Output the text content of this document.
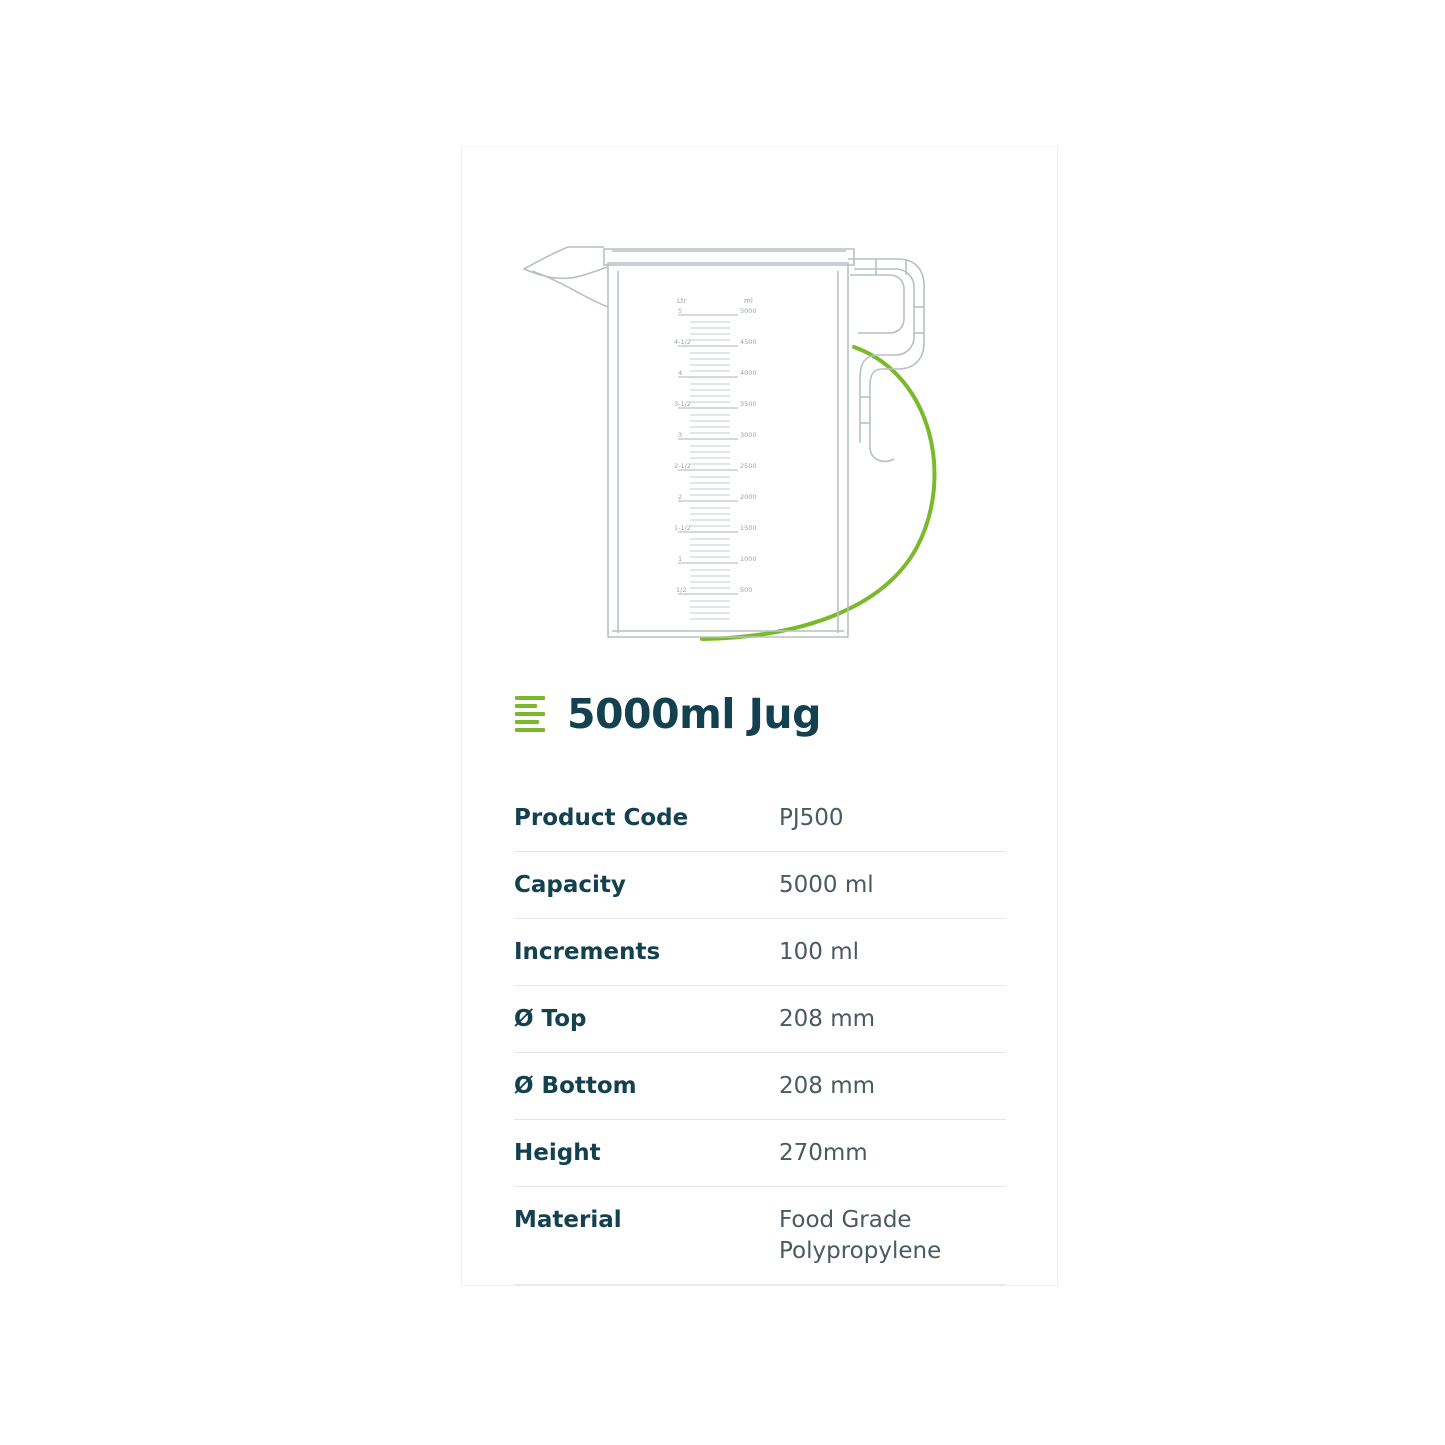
Ltr	ml
5	5000
4-1/2	4500
4	4000
3-1/2	3500
3	3000
2-1/2	2500
2	2000
1-1/2	1500
1	1000
1/2	500
5000ml Jug
Product Code	PJ500
Capacity	5000 ml
Increments	100 ml
Ø Top	208 mm
Ø Bottom	208 mm
Height	270mm
Material	Food Grade Polypropylene
